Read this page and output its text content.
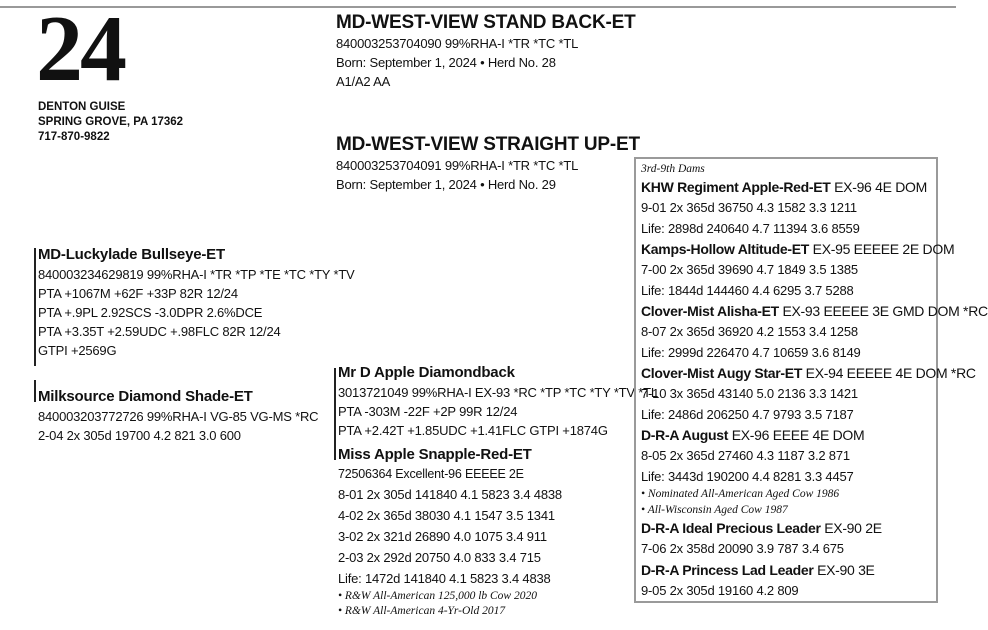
24
DENTON GUISE
SPRING GROVE, PA 17362
717-870-9822
MD-WEST-VIEW STAND BACK-ET
840003253704090 99%RHA-I *TR *TC *TL
Born: September 1, 2024 • Herd No. 28
A1/A2 AA
MD-WEST-VIEW STRAIGHT UP-ET
840003253704091 99%RHA-I *TR *TC *TL
Born: September 1, 2024 • Herd No. 29
MD-Luckylade Bullseye-ET
840003234629819 99%RHA-I *TR *TP *TE *TC *TY *TV
PTA +1067M +62F +33P 82R 12/24
PTA +.9PL 2.92SCS -3.0DPR 2.6%DCE
PTA +3.35T +2.59UDC +.98FLC 82R 12/24
GTPI +2569G
Milksource Diamond Shade-ET
840003203772726 99%RHA-I VG-85 VG-MS *RC
2-04 2x 305d 19700 4.2 821 3.0 600
Mr D Apple Diamondback
3013721049 99%RHA-I EX-93 *RC *TP *TC *TY *TV *TL
PTA -303M -22F +2P 99R 12/24
PTA +2.42T +1.85UDC +1.41FLC GTPI +1874G
Miss Apple Snapple-Red-ET
72506364 Excellent-96 EEEEE 2E
8-01 2x 305d 141840 4.1 5823 3.4 4838
4-02 2x 365d 38030 4.1 1547 3.5 1341
3-02 2x 321d 26890 4.0 1075 3.4 911
2-03 2x 292d 20750 4.0 833 3.4 715
Life: 1472d 141840 4.1 5823 3.4 4838
• R&W All-American 125,000 lb Cow 2020
• R&W All-American 4-Yr-Old 2017
3rd-9th Dams
KHW Regiment Apple-Red-ET EX-96 4E DOM
9-01 2x 365d 36750 4.3 1582 3.3 1211
Life: 2898d 240640 4.7 11394 3.6 8559
Kamps-Hollow Altitude-ET EX-95 EEEEE 2E DOM
7-00 2x 365d 39690 4.7 1849 3.5 1385
Life: 1844d 144460 4.4 6295 3.7 5288
Clover-Mist Alisha-ET EX-93 EEEEE 3E GMD DOM *RC
8-07 2x 365d 36920 4.2 1553 3.4 1258
Life: 2999d 226470 4.7 10659 3.6 8149
Clover-Mist Augy Star-ET EX-94 EEEEE 4E DOM *RC
7-10 3x 365d 43140 5.0 2136 3.3 1421
Life: 2486d 206250 4.7 9793 3.5 7187
D-R-A August EX-96 EEEE 4E DOM
8-05 2x 365d 27460 4.3 1187 3.2 871
Life: 3443d 190200 4.4 8281 3.3 4457
• Nominated All-American Aged Cow 1986
• All-Wisconsin Aged Cow 1987
D-R-A Ideal Precious Leader EX-90 2E
7-06 2x 358d 20090 3.9 787 3.4 675
D-R-A Princess Lad Leader EX-90 3E
9-05 2x 305d 19160 4.2 809
